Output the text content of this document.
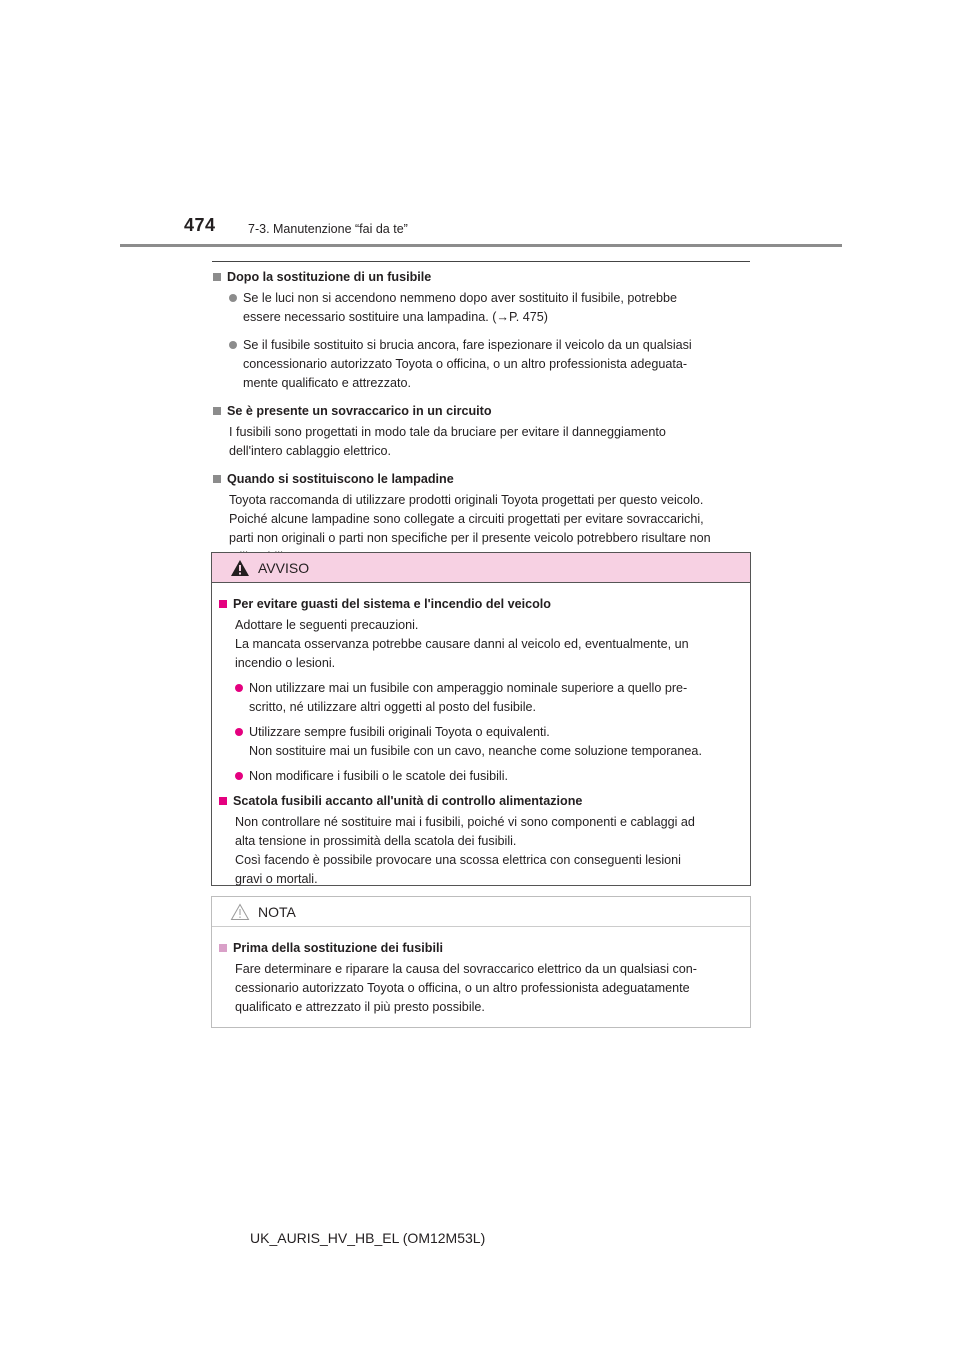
474	7-3. Manutenzione “fai da te”
Dopo la sostituzione di un fusibile
Se le luci non si accendono nemmeno dopo aver sostituito il fusibile, potrebbe
essere necessario sostituire una lampadina. (→P. 475)
Se il fusibile sostituito si brucia ancora, fare ispezionare il veicolo da un qualsiasi
concessionario autorizzato Toyota o officina, o un altro professionista adeguata-
mente qualificato e attrezzato.
Se è presente un sovraccarico in un circuito
I fusibili sono progettati in modo tale da bruciare per evitare il danneggiamento
dell'intero cablaggio elettrico.
Quando si sostituiscono le lampadine
Toyota raccomanda di utilizzare prodotti originali Toyota progettati per questo veicolo.
Poiché alcune lampadine sono collegate a circuiti progettati per evitare sovraccarichi,
parti non originali o parti non specifiche per il presente veicolo potrebbero risultare non
AVVISO
Per evitare guasti del sistema e l'incendio del veicolo
Adottare le seguenti precauzioni.
La mancata osservanza potrebbe causare danni al veicolo ed, eventualmente, un
incendio o lesioni.
Non utilizzare mai un fusibile con amperaggio nominale superiore a quello pre-
scritto, né utilizzare altri oggetti al posto del fusibile.
Utilizzare sempre fusibili originali Toyota o equivalenti.
Non sostituire mai un fusibile con un cavo, neanche come soluzione temporanea.
Non modificare i fusibili o le scatole dei fusibili.
Scatola fusibili accanto all'unità di controllo alimentazione
Non controllare né sostituire mai i fusibili, poiché vi sono componenti e cablaggi ad
alta tensione in prossimità della scatola dei fusibili.
Così facendo è possibile provocare una scossa elettrica con conseguenti lesioni
gravi o mortali.
NOTA
Prima della sostituzione dei fusibili
Fare determinare e riparare la causa del sovraccarico elettrico da un qualsiasi con-
cessionario autorizzato Toyota o officina, o un altro professionista adeguatamente
qualificato e attrezzato il più presto possibile.
UK_AURIS_HV_HB_EL (OM12M53L)
